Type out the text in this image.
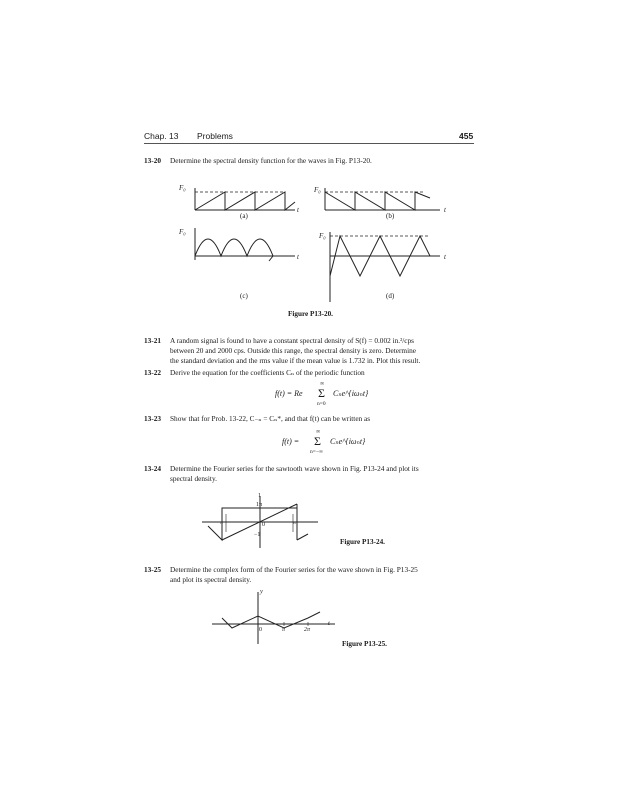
Chap. 13 Problems	455
13-20 Determine the spectral density function for the waves in Fig. P13-20.
F₀
t
(a)
F₀
t
(b)
F₀
t
(c)
F₀
t
(d)
Figure P13-20.
13-21 A random signal is found to have a constant spectral density of S(f) = 0.002 in.²/cps
between 20 and 2000 cps. Outside this range, the spectral density is zero. Determine
the standard deviation and the rms value if the mean value is 1.732 in. Plot this result.
13-22 Derive the equation for the coefficients Cₙ of the periodic function
f(t) = Re
∞
Σ
n=0
Cₙe^{iωₙt}
13-23 Show that for Prob. 13-22, C₋ₙ = Cₙ*, and that f(t) can be written as
f(t) =
∞
Σ
n=−∞
Cₙe^{iωₙt}
13-24 Determine the Fourier series for the sawtooth wave shown in Fig. P13-24 and plot its
spectral density.
1
1π
0
−1
−π	π
Figure P13-24.
13-25 Determine the complex form of the Fourier series for the wave shown in Fig. P13-25
and plot its spectral density.
y
t
0	π	2π
Figure P13-25.
